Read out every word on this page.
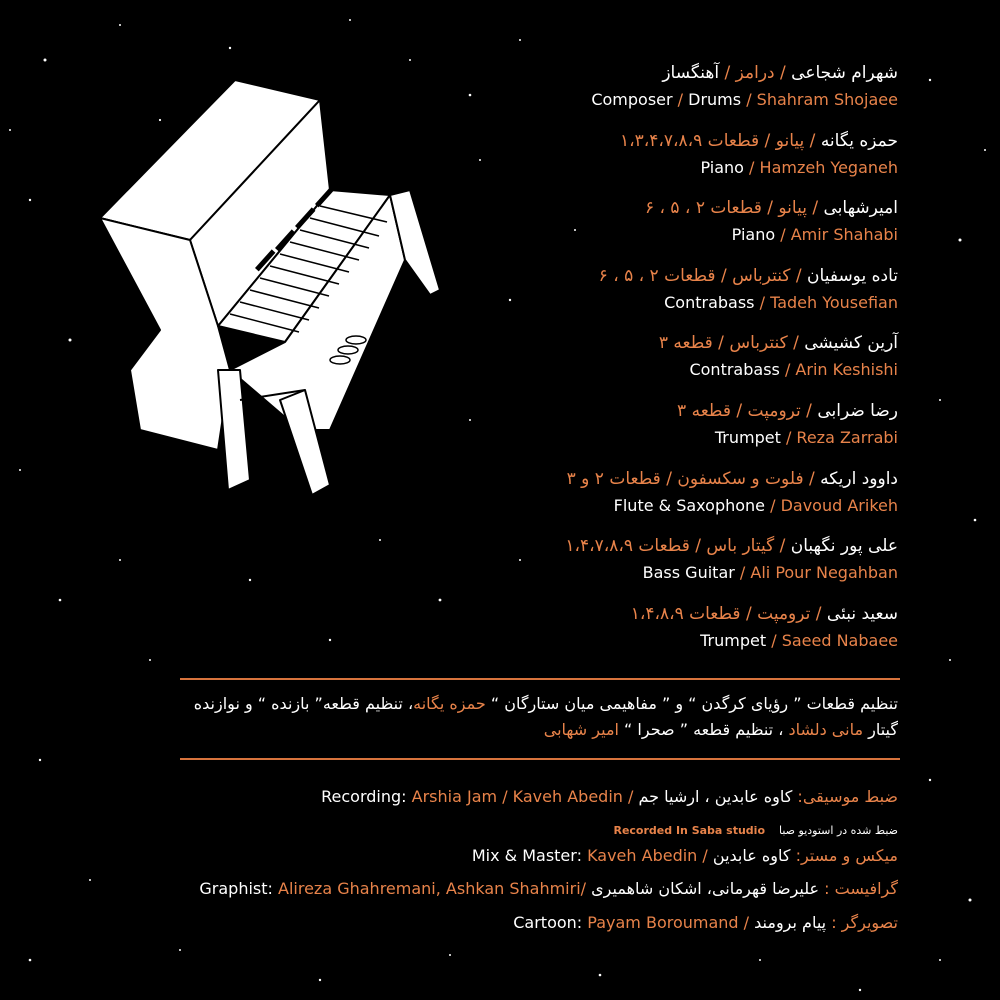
شهرام شجاعی / درامز / آهنگساز
Composer / Drums / Shahram Shojaee
حمزه یگانه / پیانو / قطعات ۱،۳،۴،۷،۸،۹
Piano / Hamzeh Yeganeh
امیرشهابی / پیانو / قطعات ۲ ، ۵ ، ۶
Piano / Amir Shahabi
تاده یوسفیان / کنترباس / قطعات ۲ ، ۵ ، ۶
Contrabass / Tadeh Yousefian
آرین کشیشی / کنترباس / قطعه ۳
Contrabass / Arin Keshishi
رضا ضرابی / ترومپت / قطعه ۳
Trumpet / Reza Zarrabi
داوود اریکه / فلوت و سکسفون / قطعات ۲ و ۳
Flute & Saxophone / Davoud Arikeh
علی پور نگهبان / گیتار باس / قطعات ۱،۴،۷،۸،۹
Bass Guitar / Ali Pour Negahban
سعید نبئی / ترومپت / قطعات ۱،۴،۸،۹
Trumpet / Saeed Nabaee
تنظیم قطعات ” رؤیای کرگدن “ و ” مفاهیمی میان ستارگان “ حمزه یگانه، تنظیم قطعه” بازنده “ و نوازنده
گیتار مانی دلشاد ، تنظیم قطعه ” صحرا “ امیر شهابی
Recording: Arshia Jam / Kaveh Abedin / کاوه عابدین ، ارشیا جم ضبط موسیقی:
Recorded In Saba studio ضبط شده در استودیو صبا
Mix & Master: Kaveh Abedin / کاوه عابدین میکس و مستر:
Graphist: Alireza Ghahremani, Ashkan Shahmiri/ علیرضا قهرمانی، اشکان شاهمیری گرافیست :
Cartoon: Payam Boroumand / پیام برومند تصویرگر :
